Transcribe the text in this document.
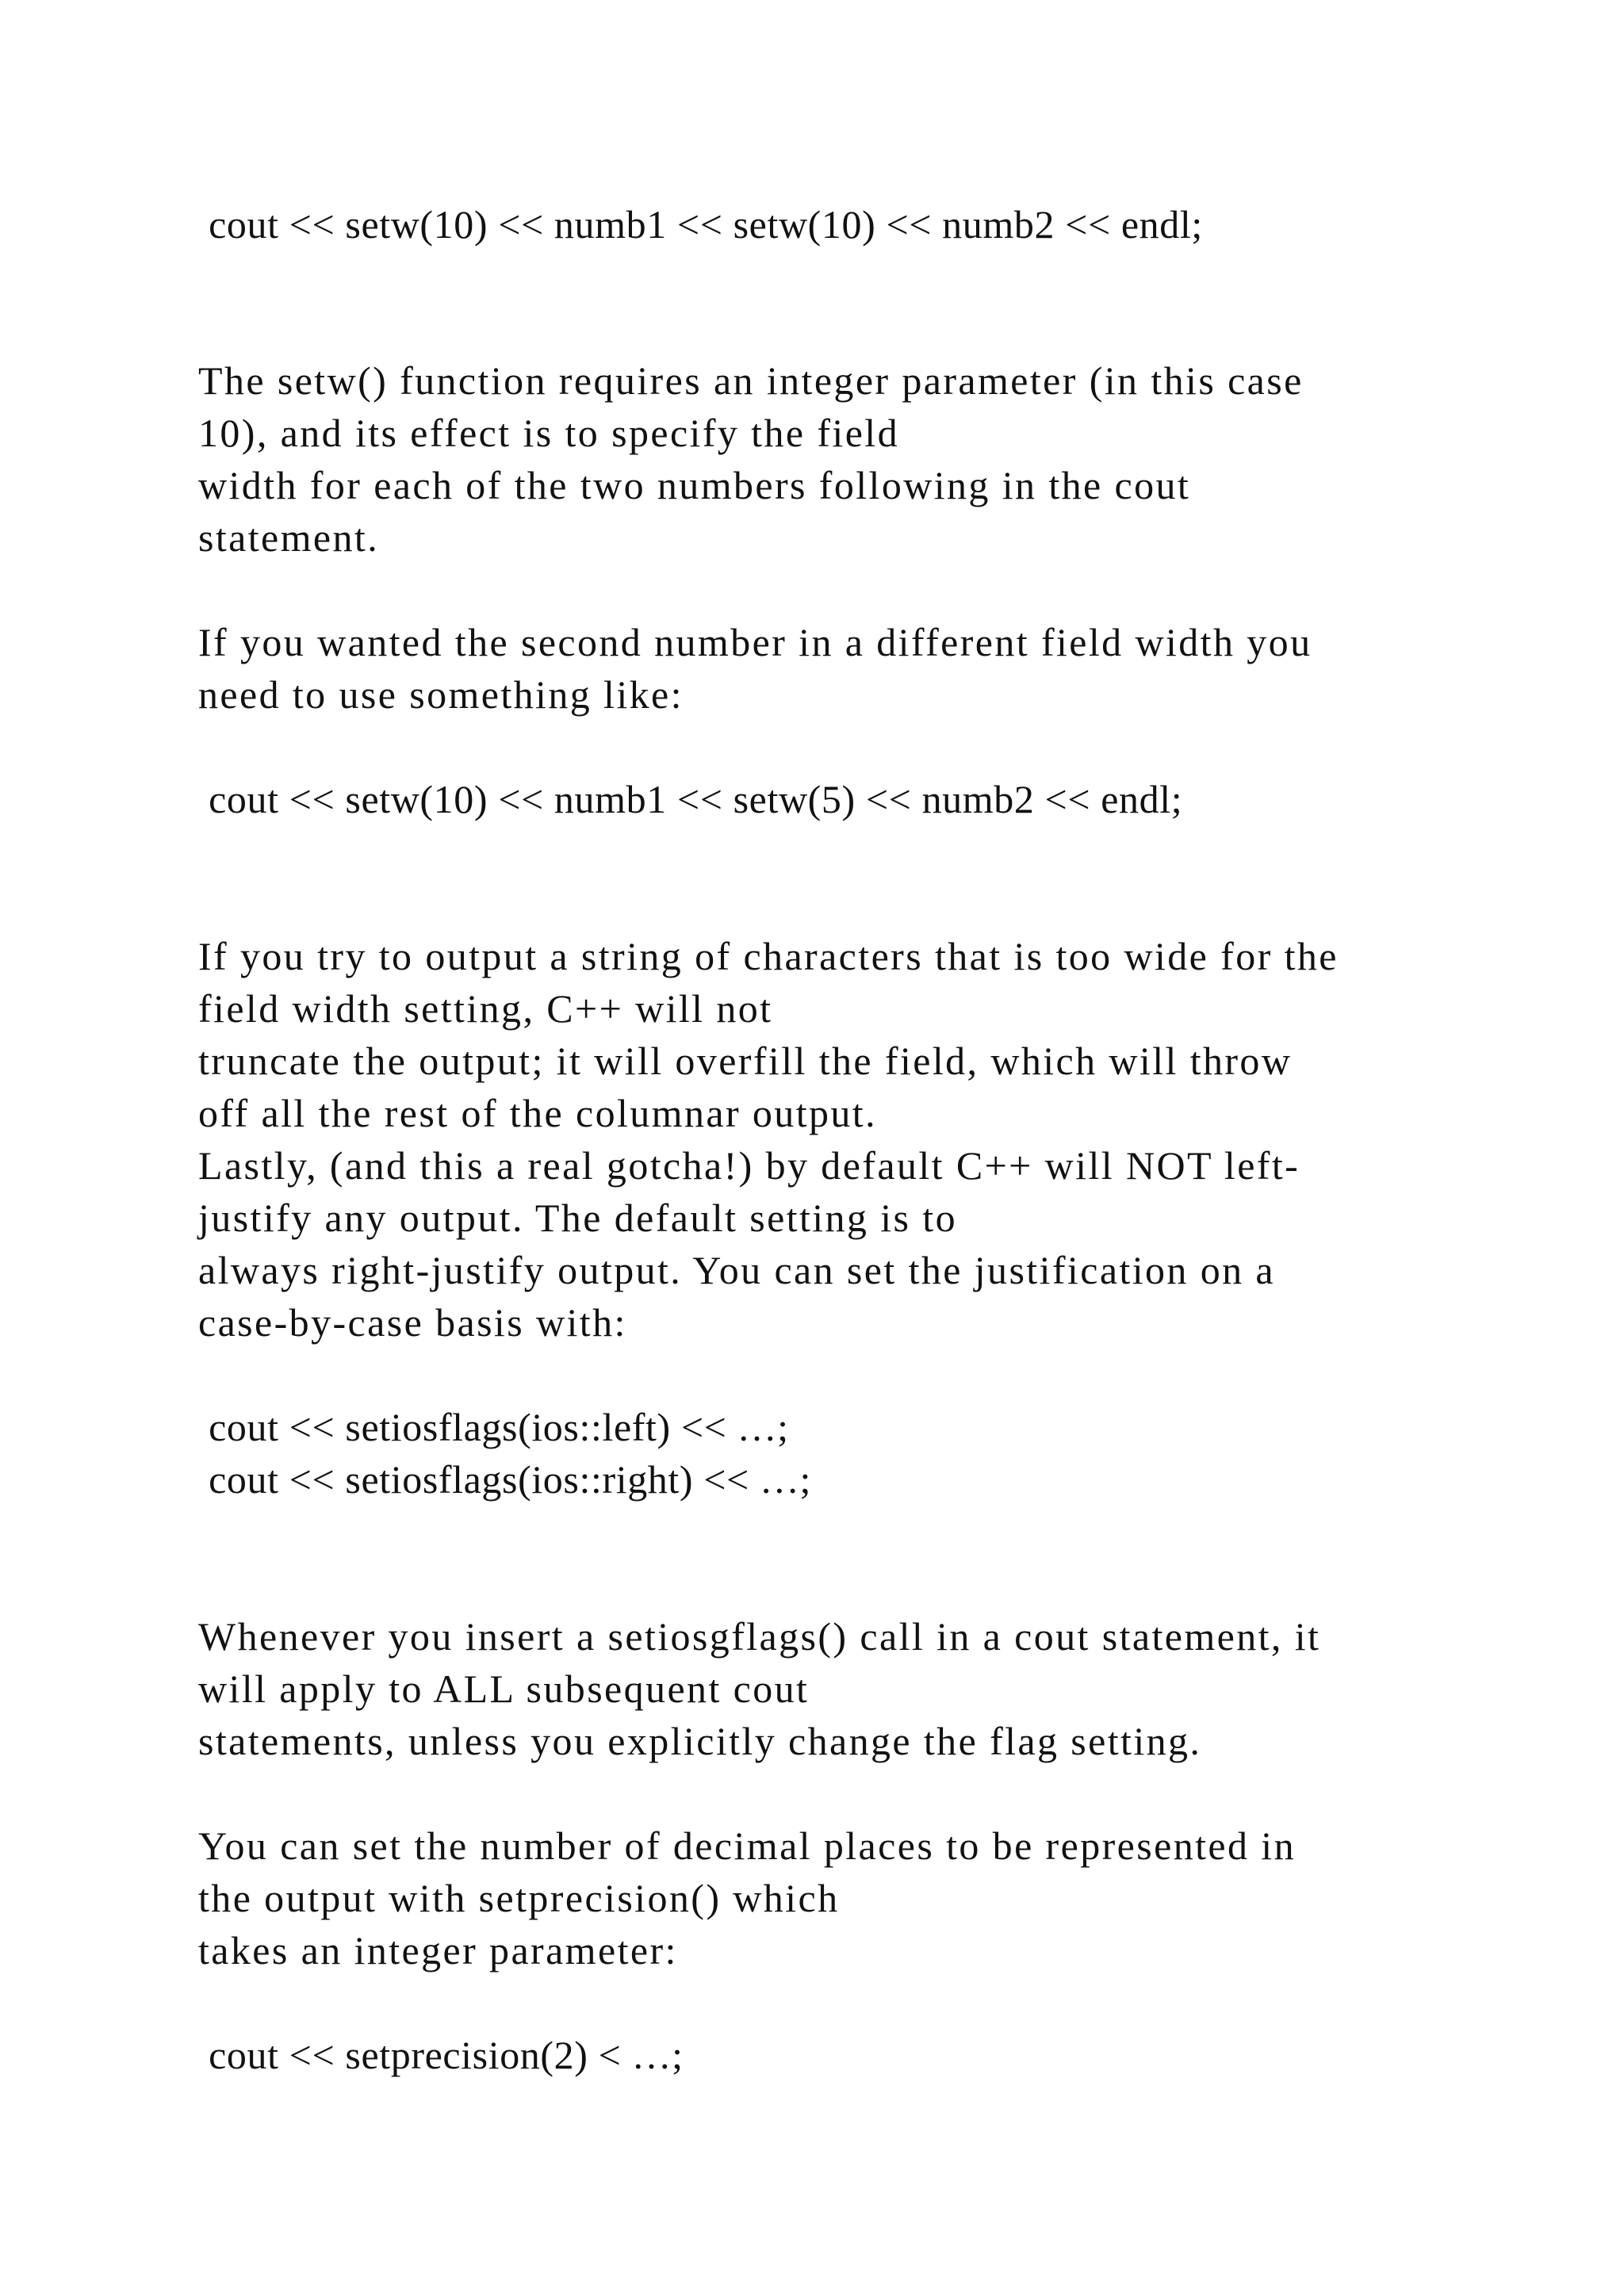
cout << setw(10) << numb1 << setw(10) << numb2 << endl;
The setw() function requires an integer parameter (in this case
10), and its effect is to specify the field
width for each of the two numbers following in the cout
statement.
If you wanted the second number in a different field width you
need to use something like:
cout << setw(10) << numb1 << setw(5) << numb2 << endl;
If you try to output a string of characters that is too wide for the
field width setting, C++ will not
truncate the output; it will overfill the field, which will throw
off all the rest of the columnar output.
Lastly, (and this a real gotcha!) by default C++ will NOT left-
justify any output. The default setting is to
always right-justify output. You can set the justification on a
case-by-case basis with:
cout << setiosflags(ios::left) << …;
cout << setiosflags(ios::right) << …;
Whenever you insert a setiosgflags() call in a cout statement, it
will apply to ALL subsequent cout
statements, unless you explicitly change the flag setting.
You can set the number of decimal places to be represented in
the output with setprecision() which
takes an integer parameter:
cout << setprecision(2) < …;
